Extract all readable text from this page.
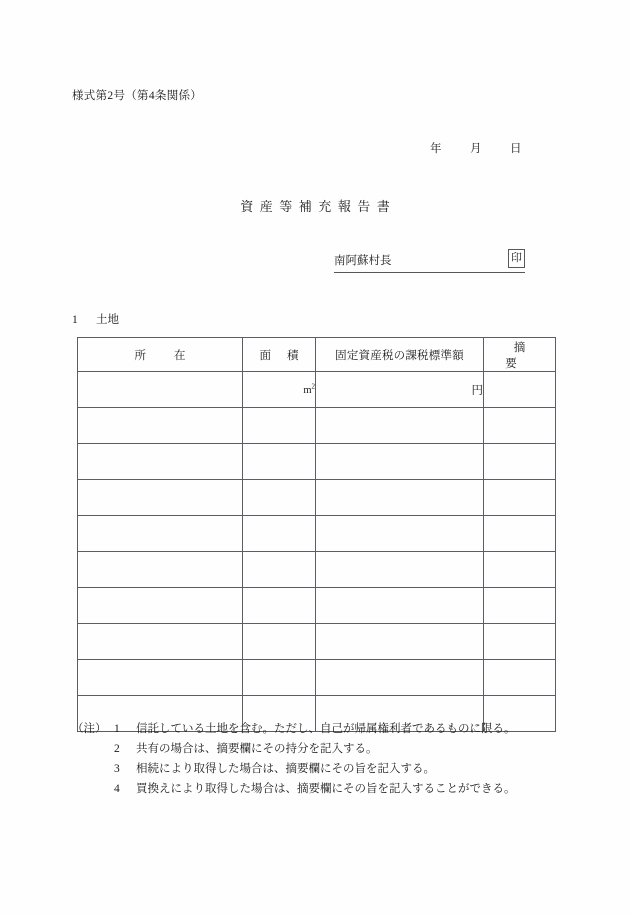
様式第2号（第4条関係）
年 月 日
資産等補充報告書
南阿蘇村長	印
1 土地
所在	面積	固定資産税の課税標準額	摘要
	$m^2$	円	

（注） 1	信託している土地を含む。ただし、自己が帰属権利者であるものに限る。
2	共有の場合は、摘要欄にその持分を記入する。
3	相続により取得した場合は、摘要欄にその旨を記入する。
4	買換えにより取得した場合は、摘要欄にその旨を記入することができる。
